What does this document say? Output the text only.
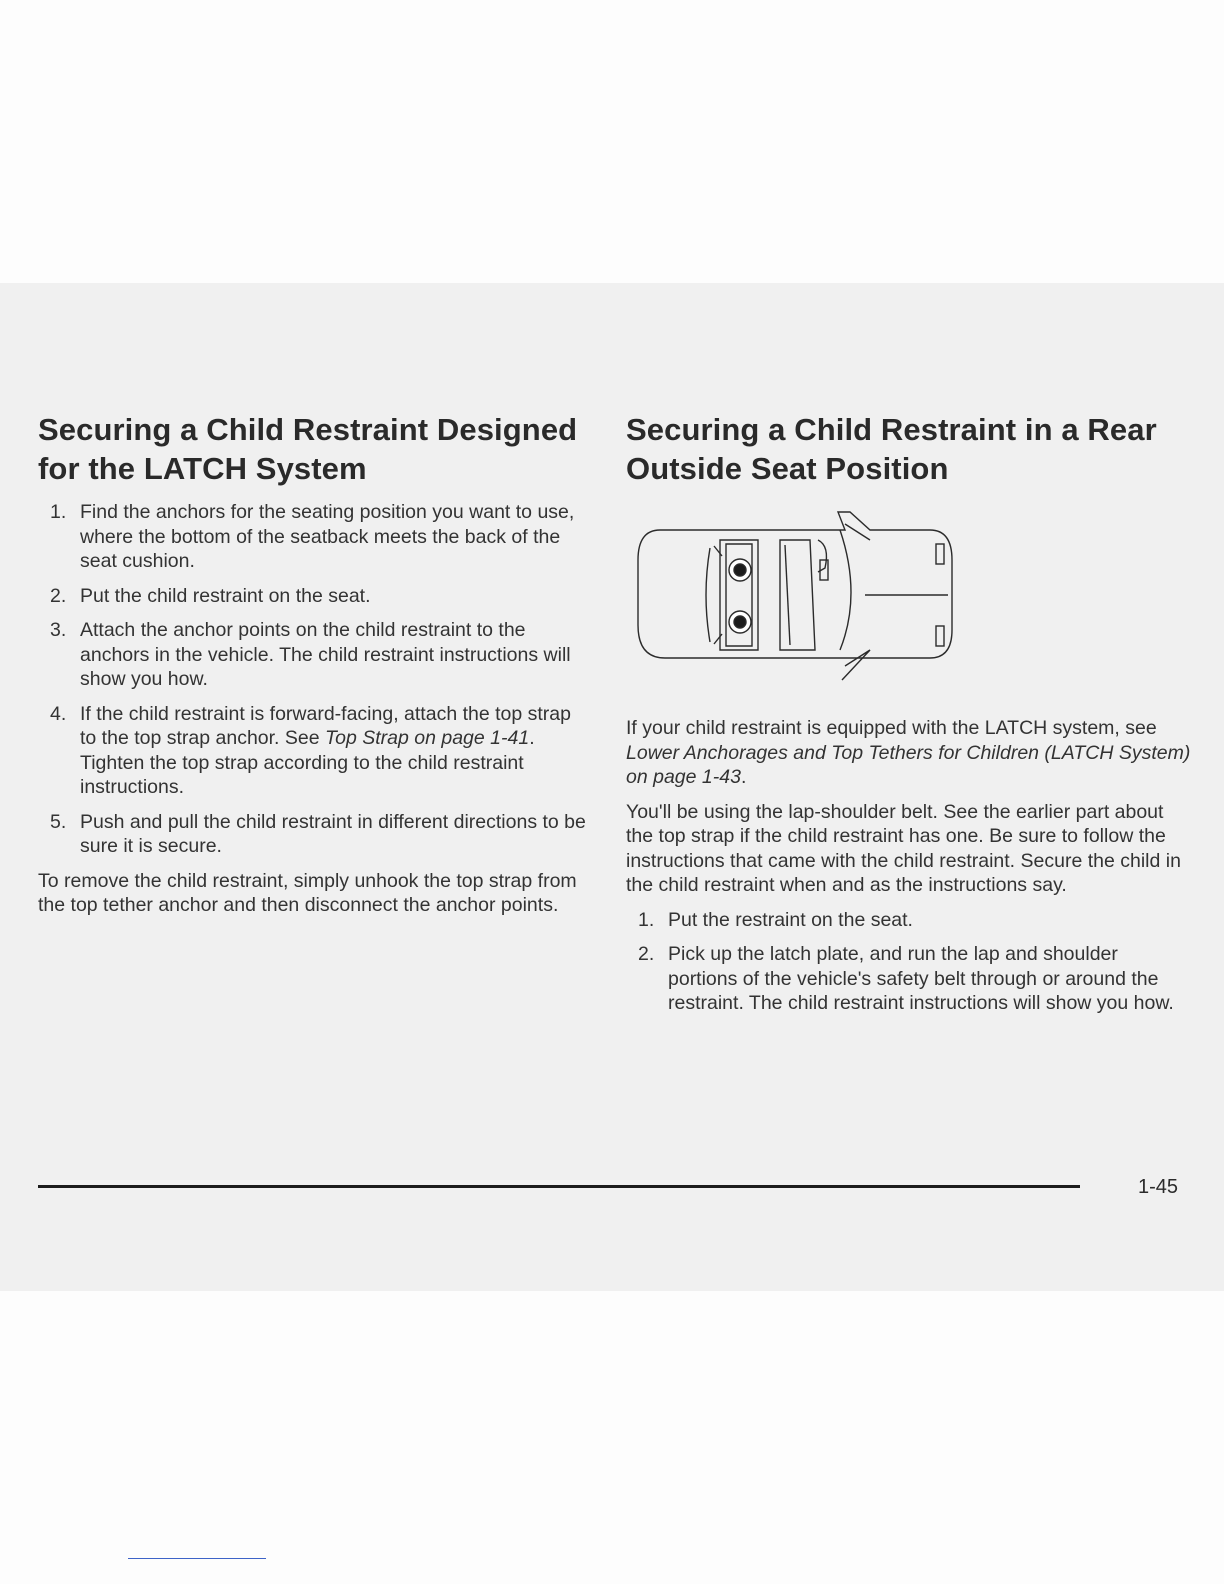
Securing a Child Restraint Designed for the LATCH System
1. Find the anchors for the seating position you want to use, where the bottom of the seatback meets the back of the seat cushion.
2. Put the child restraint on the seat.
3. Attach the anchor points on the child restraint to the anchors in the vehicle. The child restraint instructions will show you how.
4. If the child restraint is forward-facing, attach the top strap to the top strap anchor. See Top Strap on page 1-41. Tighten the top strap according to the child restraint instructions.
5. Push and pull the child restraint in different directions to be sure it is secure.

To remove the child restraint, simply unhook the top strap from the top tether anchor and then disconnect the anchor points.

Securing a Child Restraint in a Rear Outside Seat Position

If your child restraint is equipped with the LATCH system, see Lower Anchorages and Top Tethers for Children (LATCH System) on page 1-43.

You'll be using the lap-shoulder belt. See the earlier part about the top strap if the child restraint has one. Be sure to follow the instructions that came with the child restraint. Secure the child in the child restraint when and as the instructions say.

1. Put the restraint on the seat.
2. Pick up the latch plate, and run the lap and shoulder portions of the vehicle's safety belt through or around the restraint. The child restraint instructions will show you how.
1-45
